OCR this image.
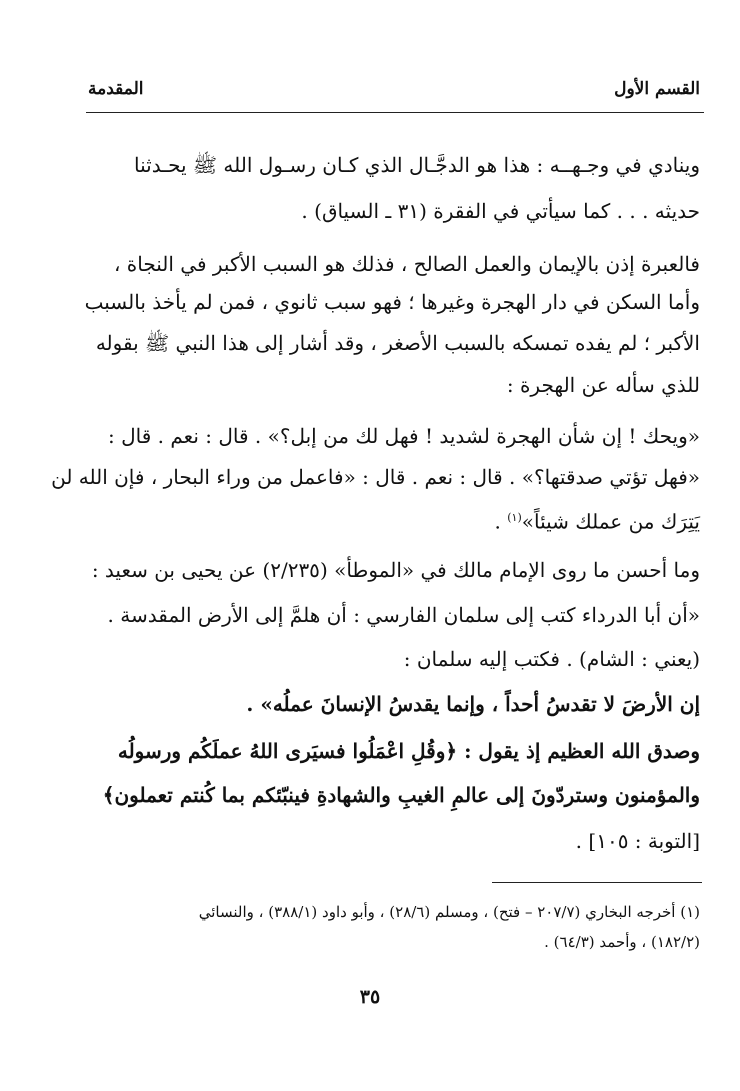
القسم الأول
المقدمة
وينادي في وجـهــه : هذا هو الدجَّـال الذي كـان رسـول الله ﷺ يحـدثنا
حديثه . . . كما سيأتي في الفقرة (٣١ ـ السياق) .
فالعبرة إذن بالإيمان والعمل الصالح ، فذلك هو السبب الأكبر في النجاة ،
وأما السكن في دار الهجرة وغيرها ؛ فهو سبب ثانوي ، فمن لم يأخذ بالسبب
الأكبر ؛ لم يفده تمسكه بالسبب الأصغر ، وقد أشار إلى هذا النبي ﷺ بقوله
للذي سأله عن الهجرة :
«ويحك ! إن شأن الهجرة لشديد ! فهل لك من إبل؟» . قال : نعم . قال :
«فهل تؤتي صدقتها؟» . قال : نعم . قال : «فاعمل من وراء البحار ، فإن الله لن
يَتِرَك من عملك شيئاً»$^{(١)}$ .
وما أحسن ما روى الإمام مالك في «الموطأ» (٢/٢٣٥) عن يحيى بن سعيد :
«أن أبا الدرداء كتب إلى سلمان الفارسي : أن هلمَّ إلى الأرض المقدسة .
(يعني : الشام) . فكتب إليه سلمان :
إن الأرضَ لا تقدسُ أحداً ، وإنما يقدسُ الإنسانَ عملُه» .
وصدق الله العظيم إذ يقول : ﴿وقُلِ اعْمَلُوا فسيَرى اللهُ عملَكُم ورسولُه
والمؤمنون وستردّونَ إلى عالمِ الغيبِ والشهادةِ فينبّئكم بما كُنتم تعملون﴾
[التوبة : ١٠٥] .
(١) أخرجه البخاري (٢٠٧/٧ – فتح) ، ومسلم (٢٨/٦) ، وأبو داود (٣٨٨/١) ، والنسائي
(١٨٢/٢) ، وأحمد (٦٤/٣) .
٣٥
